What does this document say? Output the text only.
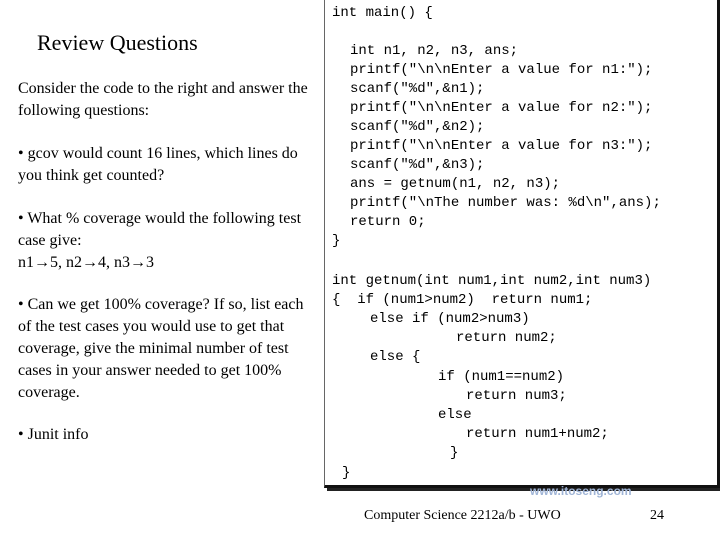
Review Questions
Consider the code to the right and answer the following questions:
• gcov would count 16 lines, which lines do you think get counted?
• What % coverage would the following test case give:
n1→5, n2→4, n3→3
• Can we get 100% coverage? If so, list each of the test cases you would use to get that coverage, give the minimal number of test cases in your answer needed to get 100% coverage.
• Junit info
int main() {
int n1, n2, n3, ans;
printf("\n\nEnter a value for n1:");
scanf("%d",&n1);
printf("\n\nEnter a value for n2:");
scanf("%d",&n2);
printf("\n\nEnter a value for n3:");
scanf("%d",&n3);
ans = getnum(n1, n2, n3);
printf("\nThe number was: %d\n",ans);
return 0;
}
int getnum(int num1,int num2,int num3)
{  if (num1>num2)  return num1;
else if (num2>num3)
return num2;
else {
if (num1==num2)
return num3;
else
return num1+num2;
}
}
www.itoseng.com
Computer Science 2212a/b - UWO	24
